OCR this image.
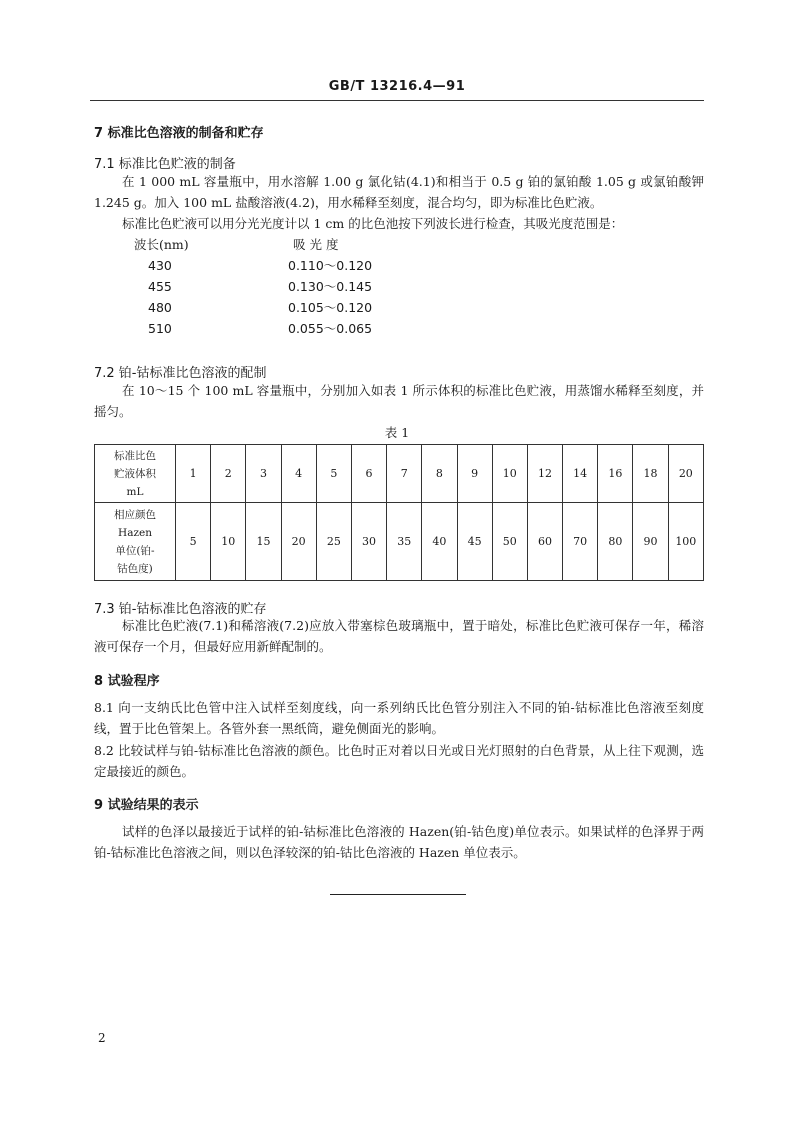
GB/T 13216.4—91
7 标准比色溶液的制备和贮存
7.1 标准比色贮液的制备
在 1 000 mL 容量瓶中，用水溶解 1.00 g 氯化钴(4.1)和相当于 0.5 g 铂的氯铂酸 1.05 g 或氯铂酸钾 1.245 g。加入 100 mL 盐酸溶液(4.2)，用水稀释至刻度，混合均匀，即为标准比色贮液。
标准比色贮液可以用分光光度计以 1 cm 的比色池按下列波长进行检查，其吸光度范围是：
波长(nm)	吸 光 度
430	0.110～0.120
455	0.130～0.145
480	0.105～0.120
510	0.055～0.065
7.2 铂-钴标准比色溶液的配制
在 10～15 个 100 mL 容量瓶中，分别加入如表 1 所示体积的标准比色贮液，用蒸馏水稀释至刻度，并摇匀。
表 1
标准比色
贮液体积
mL	1	2	3	4	5	6	7	8	9	10	12	14	16	18	20

相应颜色
Hazen
单位(铂-
钴色度)	5	10	15	20	25	30	35	40	45	50	60	70	80	90	100
7.3 铂-钴标准比色溶液的贮存
标准比色贮液(7.1)和稀溶液(7.2)应放入带塞棕色玻璃瓶中，置于暗处，标准比色贮液可保存一年，稀溶液可保存一个月，但最好应用新鲜配制的。
8 试验程序
8.1 向一支纳氏比色管中注入试样至刻度线，向一系列纳氏比色管分别注入不同的铂-钴标准比色溶液至刻度线，置于比色管架上。各管外套一黑纸筒，避免侧面光的影响。
8.2 比较试样与铂-钴标准比色溶液的颜色。比色时正对着以日光或日光灯照射的白色背景，从上往下观测，选定最接近的颜色。
9 试验结果的表示
试样的色泽以最接近于试样的铂-钴标准比色溶液的 Hazen(铂-钴色度)单位表示。如果试样的色泽界于两铂-钴标准比色溶液之间，则以色泽较深的铂-钴比色溶液的 Hazen 单位表示。
2
